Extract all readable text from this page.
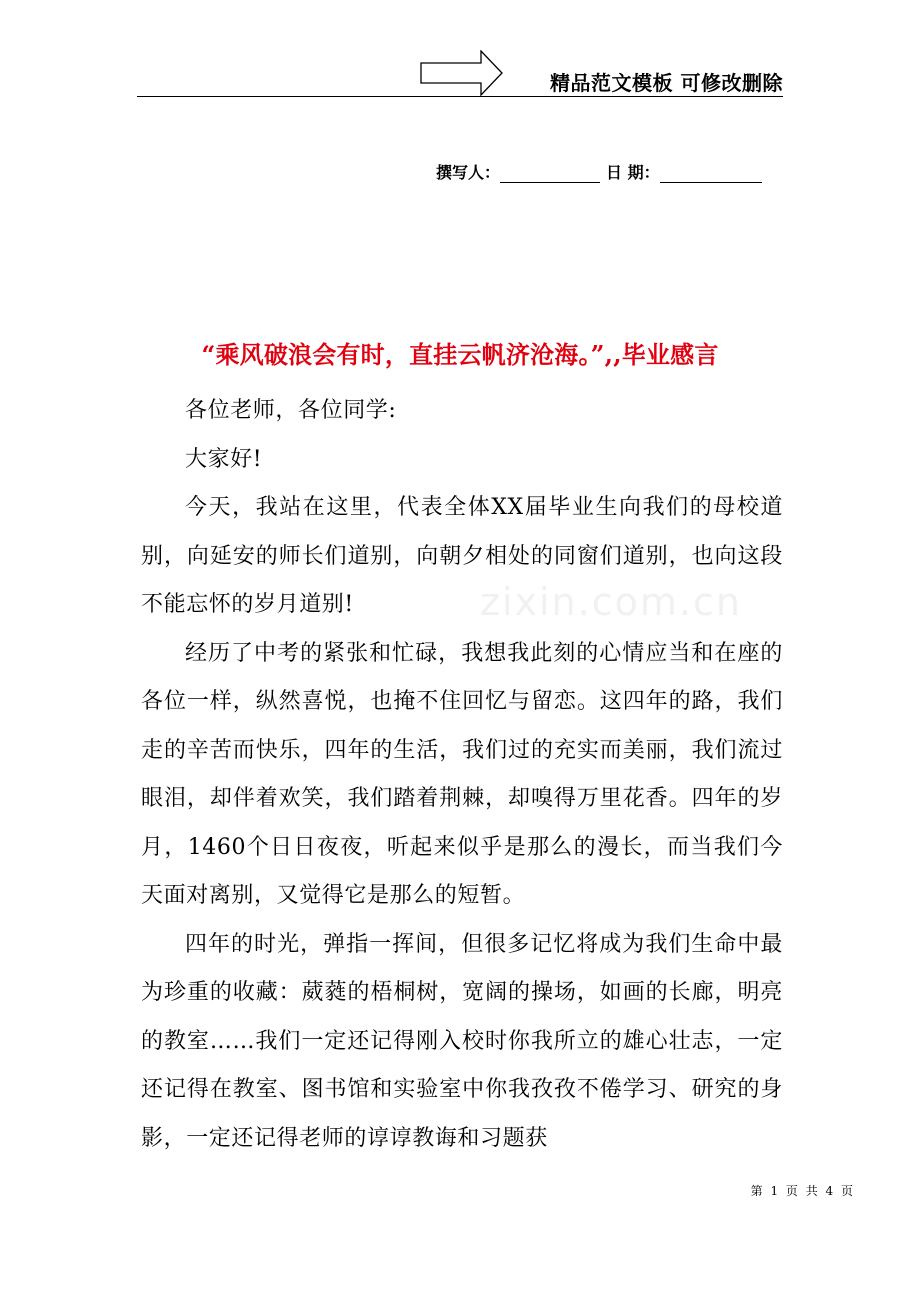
精品范文模板 可修改删除
撰写人：	日 期：
zixin.com.cn
“乘风破浪会有时，直挂云帆济沧海。”,,毕业感言

各位老师，各位同学:

大家好!

今天，我站在这里，代表全体XX届毕业生向我们的母校道别，向延安的师长们道别，向朝夕相处的同窗们道别，也向这段不能忘怀的岁月道别!

经历了中考的紧张和忙碌，我想我此刻的心情应当和在座的各位一样，纵然喜悦，也掩不住回忆与留恋。这四年的路，我们走的辛苦而快乐，四年的生活，我们过的充实而美丽，我们流过眼泪，却伴着欢笑，我们踏着荆棘，却嗅得万里花香。四年的岁月，1460个日日夜夜，听起来似乎是那么的漫长，而当我们今天面对离别，又觉得它是那么的短暂。

四年的时光，弹指一挥间，但很多记忆将成为我们生命中最为珍重的收藏：葳蕤的梧桐树，宽阔的操场，如画的长廊，明亮的教室……我们一定还记得刚入校时你我所立的雄心壮志，一定还记得在教室、图书馆和实验室中你我孜孜不倦学习、研究的身影，一定还记得老师的谆谆教诲和习题获

第 1 页 共 4 页
